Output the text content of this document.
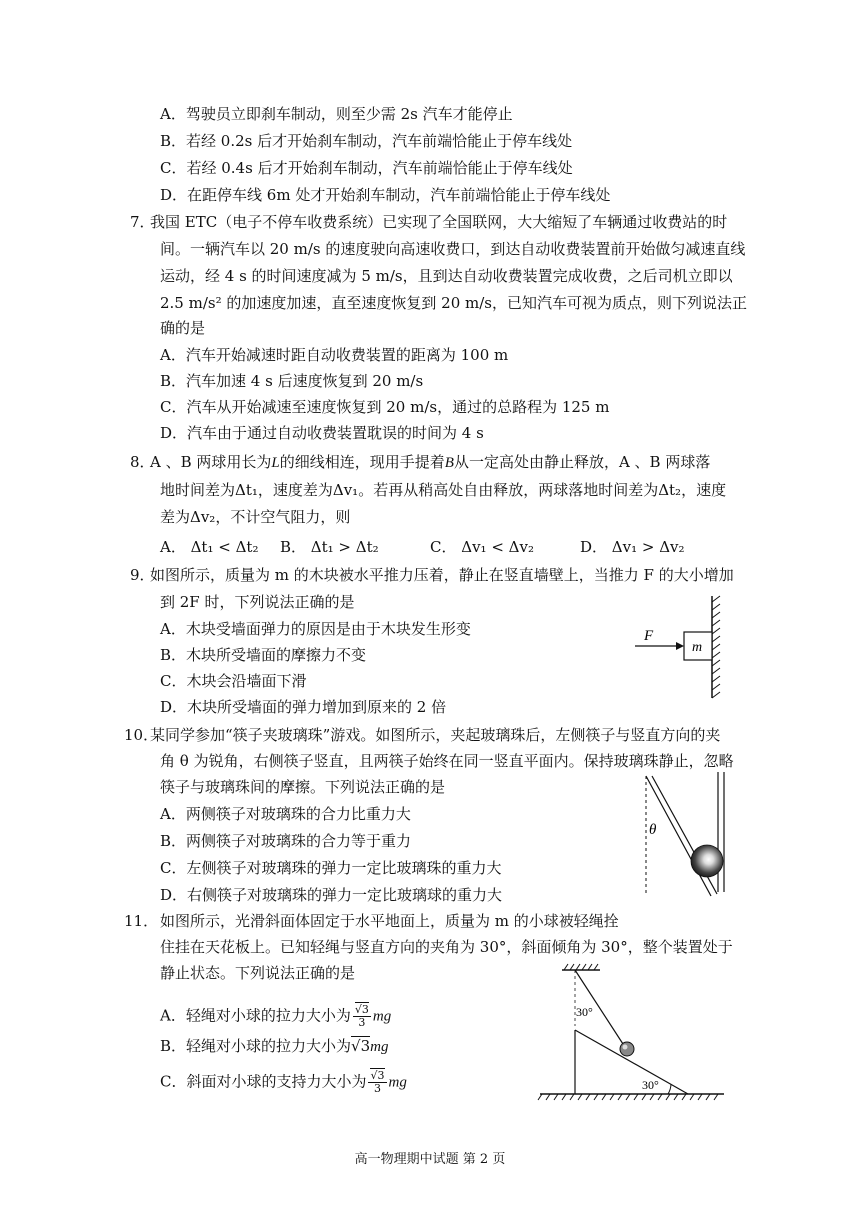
A．驾驶员立即刹车制动，则至少需 2s 汽车才能停止
B．若经 0.2s 后才开始刹车制动，汽车前端恰能止于停车线处
C．若经 0.4s 后才开始刹车制动，汽车前端恰能止于停车线处
D．在距停车线 6m 处才开始刹车制动，汽车前端恰能止于停车线处
7．
我国 ETC（电子不停车收费系统）已实现了全国联网，大大缩短了车辆通过收费站的时
间。一辆汽车以 20 m/s 的速度驶向高速收费口，到达自动收费装置前开始做匀减速直线
运动，经 4 s 的时间速度减为 5 m/s，且到达自动收费装置完成收费，之后司机立即以
2.5 m/s² 的加速度加速，直至速度恢复到 20 m/s，已知汽车可视为质点，则下列说法正
确的是
A．汽车开始减速时距自动收费装置的距离为 100 m
B．汽车加速 4 s 后速度恢复到 20 m/s
C．汽车从开始减速至速度恢复到 20 m/s，通过的总路程为 125 m
D．汽车由于通过自动收费装置耽误的时间为 4 s
8．
A 、B 两球用长为L的细线相连，现用手提着B从一定高处由静止释放，A 、B 两球落
地时间差为Δt₁，速度差为Δv₁。若再从稍高处自由释放，两球落地时间差为Δt₂，速度
差为Δv₂，不计空气阻力，则
A． Δt₁ < Δt₂ B． Δt₁ > Δt₂	C． Δv₁ < Δv₂	D． Δv₁ > Δv₂
9．
如图所示，质量为 m 的木块被水平推力压着，静止在竖直墙壁上，当推力 F 的大小增加
到 2F 时，下列说法正确的是
A．木块受墙面弹力的原因是由于木块发生形变
B．木块所受墙面的摩擦力不变
C．木块会沿墙面下滑
D．木块所受墙面的弹力增加到原来的 2 倍
F
m
10．
某同学参加“筷子夹玻璃珠”游戏。如图所示，夹起玻璃珠后，左侧筷子与竖直方向的夹
角 θ 为锐角，右侧筷子竖直，且两筷子始终在同一竖直平面内。保持玻璃珠静止，忽略
筷子与玻璃珠间的摩擦。下列说法正确的是
A．两侧筷子对玻璃珠的合力比重力大
B．两侧筷子对玻璃珠的合力等于重力
C．左侧筷子对玻璃珠的弹力一定比玻璃珠的重力大
D．右侧筷子对玻璃珠的弹力一定比玻璃球的重力大
θ
11． 如图所示，光滑斜面体固定于水平地面上，质量为 m 的小球被轻绳拴
住挂在天花板上。已知轻绳与竖直方向的夹角为 30°，斜面倾角为 30°，整个装置处于
静止状态。下列说法正确的是
A．轻绳对小球的拉力大小为 $\frac{√3}{3}$ mg
B．轻绳对小球的拉力大小为√3mg
C．斜面对小球的支持力大小为 $\frac{√3}{3}$ mg
30°
30°
高一物理期中试题 第 2 页
